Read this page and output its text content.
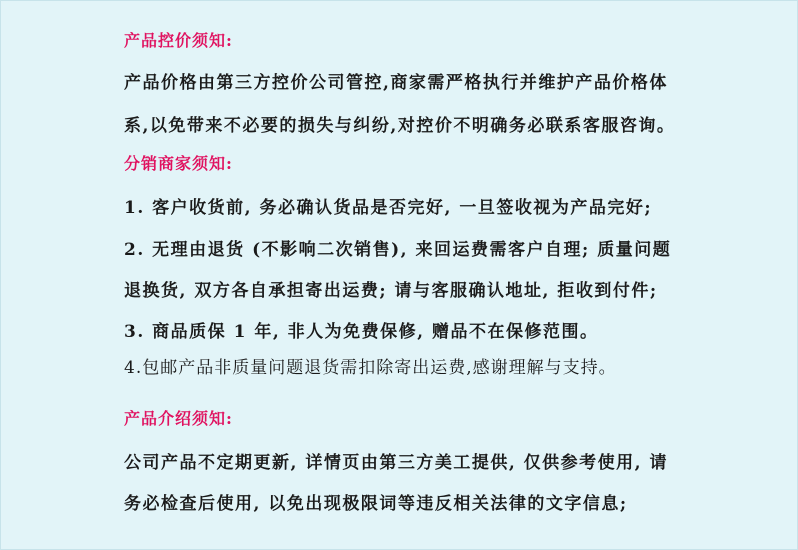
产品控价须知:
产品价格由第三方控价公司管控,商家需严格执行并维护产品价格体
系,以免带来不必要的损失与纠纷,对控价不明确务必联系客服咨询。
分销商家须知:
1. 客户收货前, 务必确认货品是否完好, 一旦签收视为产品完好;
2. 无理由退货 (不影响二次销售), 来回运费需客户自理; 质量问题
退换货, 双方各自承担寄出运费; 请与客服确认地址, 拒收到付件;
3. 商品质保 1 年, 非人为免费保修, 赠品不在保修范围。
4.包邮产品非质量问题退货需扣除寄出运费,感谢理解与支持。
产品介绍须知:
公司产品不定期更新, 详情页由第三方美工提供, 仅供参考使用, 请
务必检查后使用, 以免出现极限词等违反相关法律的文字信息;
